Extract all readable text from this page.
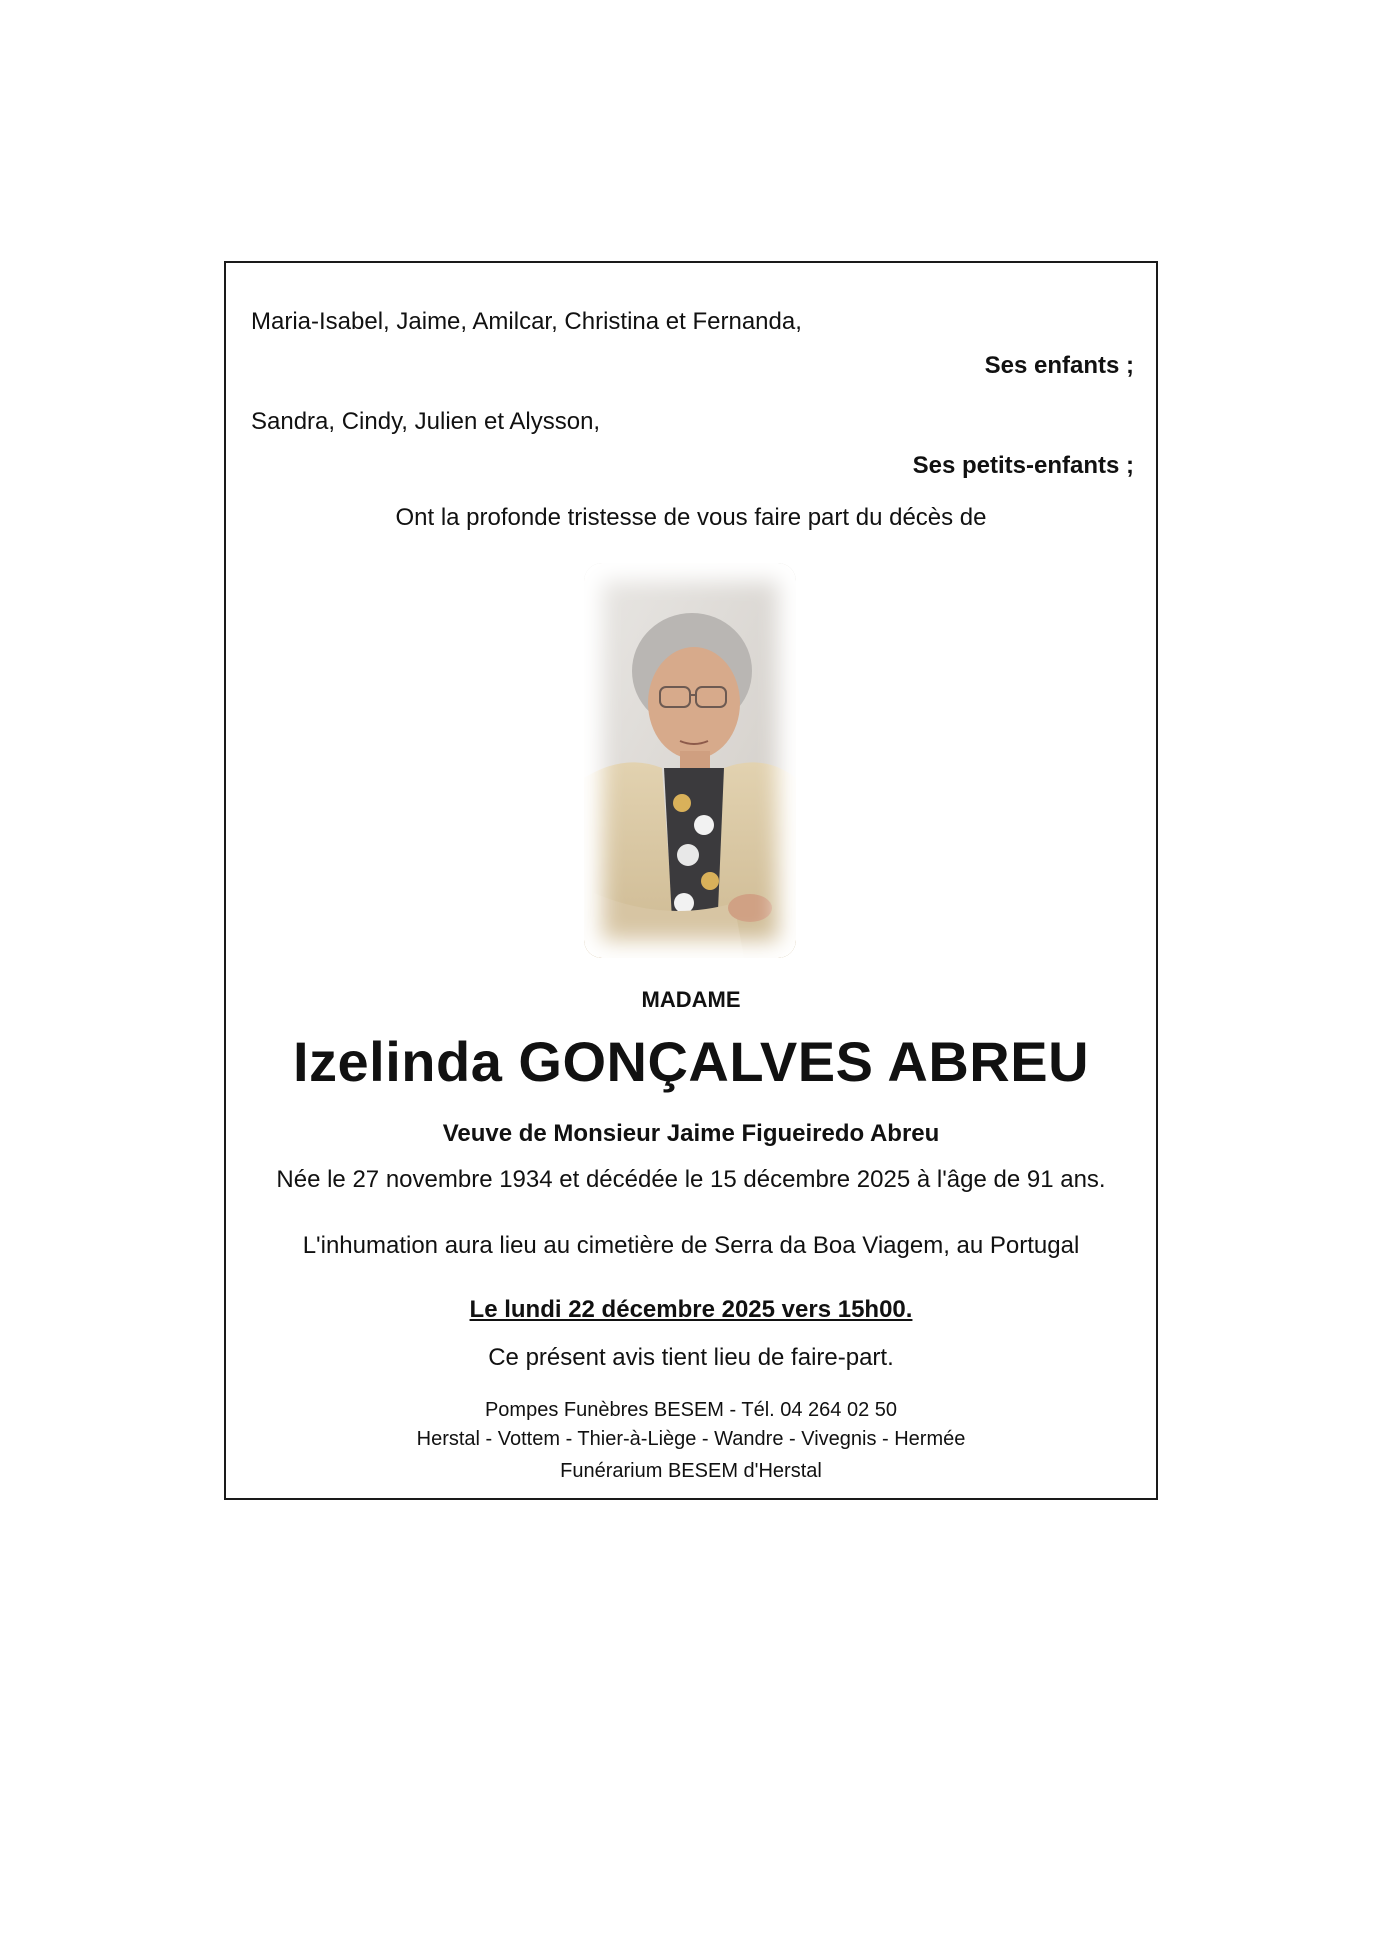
Maria-Isabel, Jaime, Amilcar, Christina et Fernanda,
Ses enfants ;
Sandra, Cindy, Julien et Alysson,
Ses petits-enfants ;
Ont la profonde tristesse de vous faire part du décès de
MADAME
Izelinda GONÇALVES ABREU
Veuve de Monsieur Jaime Figueiredo Abreu
Née le 27 novembre 1934 et décédée le 15 décembre 2025 à l'âge de 91 ans.
L'inhumation aura lieu au cimetière de Serra da Boa Viagem, au Portugal
Le lundi 22 décembre 2025 vers 15h00.
Ce présent avis tient lieu de faire-part.
Pompes Funèbres BESEM - Tél. 04 264 02 50
Herstal - Vottem - Thier-à-Liège - Wandre - Vivegnis - Hermée
Funérarium BESEM d'Herstal
